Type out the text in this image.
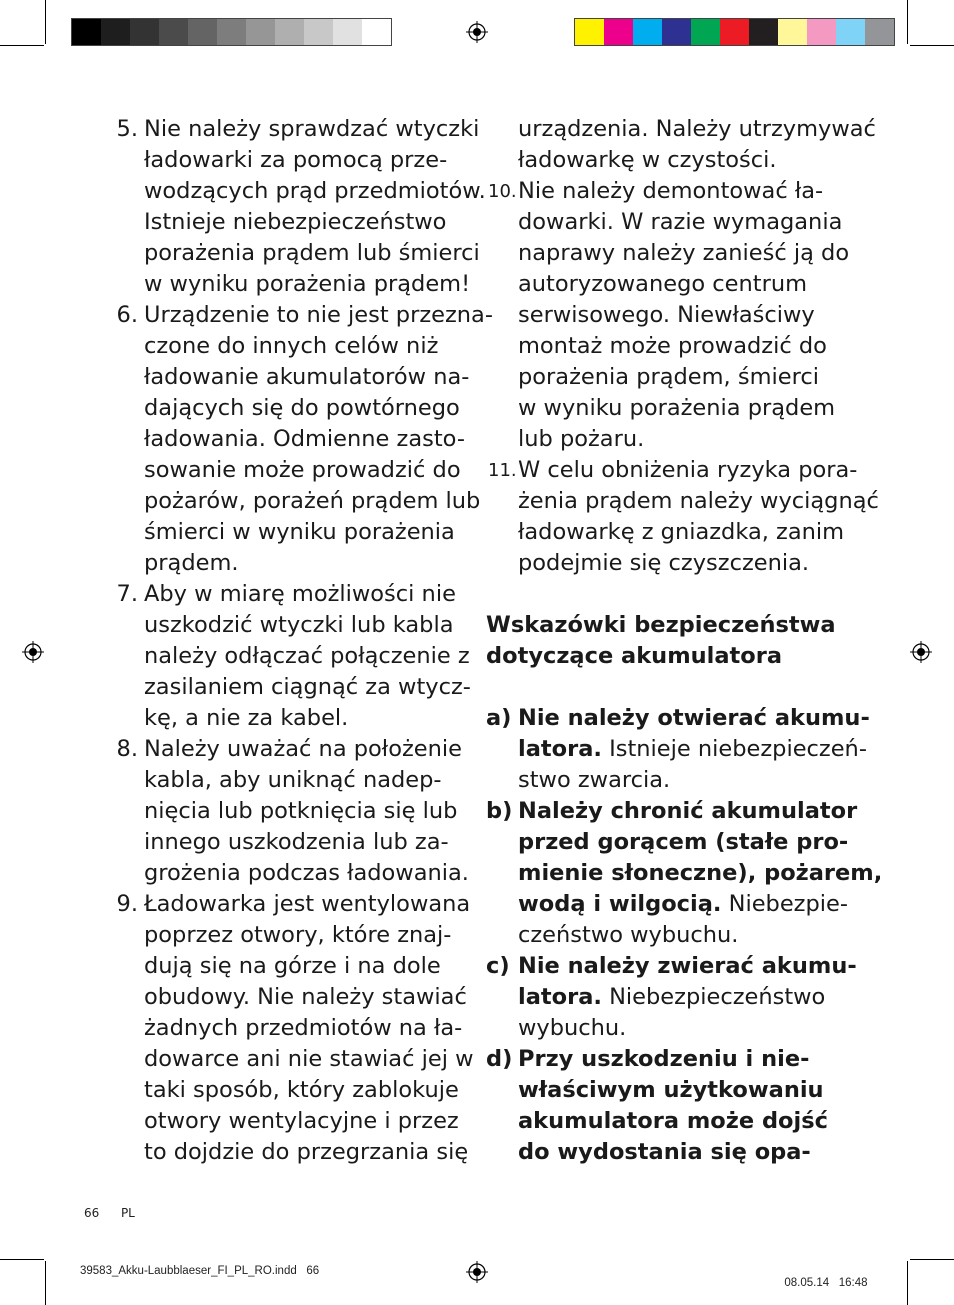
5. Nie należy sprawdzać wtyczki
ładowarki za pomocą prze-
wodzących prąd przedmiotów.
Istnieje niebezpieczeństwo
porażenia prądem lub śmierci
w wyniku porażenia prądem!
6. Urządzenie to nie jest przezna-
czone do innych celów niż
ładowanie akumulatorów na-
dających się do powtórnego
ładowania. Odmienne zasto-
sowanie może prowadzić do
pożarów, porażeń prądem lub
śmierci w wyniku porażenia
prądem.
7. Aby w miarę możliwości nie
uszkodzić wtyczki lub kabla
należy odłączać połączenie z
zasilaniem ciągnąć za wtycz-
kę, a nie za kabel.
8. Należy uważać na położenie
kabla, aby uniknąć nadep-
nięcia lub potknięcia się lub
innego uszkodzenia lub za-
grożenia podczas ładowania.
9. Ładowarka jest wentylowana
poprzez otwory, które znaj-
dują się na górze i na dole
obudowy. Nie należy stawiać
żadnych przedmiotów na ła-
dowarce ani nie stawiać jej w
taki sposób, który zablokuje
otwory wentylacyjne i przez
to dojdzie do przegrzania się
urządzenia. Należy utrzymywać
ładowarkę w czystości.
10. Nie należy demontować ła-
dowarki. W razie wymagania
naprawy należy zanieść ją do
autoryzowanego centrum
serwisowego. Niewłaściwy
montaż może prowadzić do
porażenia prądem, śmierci
w wyniku porażenia prądem
lub pożaru.
11. W celu obniżenia ryzyka pora-
żenia prądem należy wyciągnąć
ładowarkę z gniazdka, zanim
podejmie się czyszczenia.
Wskazówki bezpieczeństwa
dotyczące akumulatora
a) Nie należy otwierać akumu-
latora. Istnieje niebezpieczeń-
stwo zwarcia.
b) Należy chronić akumulator
przed gorącem (stałe pro-
mienie słoneczne), pożarem,
wodą i wilgocią. Niebezpie-
czeństwo wybuchu.
c) Nie należy zwierać akumu-
latora. Niebezpieczeństwo
wybuchu.
d) Przy uszkodzeniu i nie-
właściwym użytkowaniu
akumulatora może dojść
do wydostania się opa-
66 PL
39583_Akku-Laubblaeser_FI_PL_RO.indd   66

08.05.14 16:48
